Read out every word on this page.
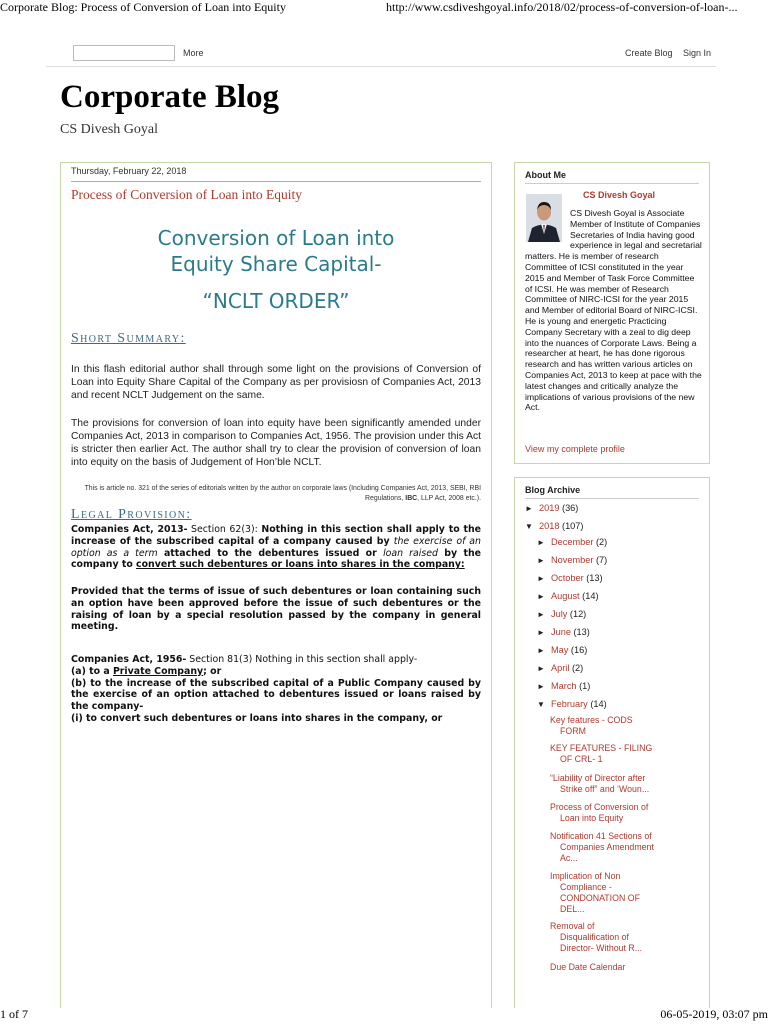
Corporate Blog: Process of Conversion of Loan into Equity	http://www.csdiveshgoyal.info/2018/02/process-of-conversion-of-loan-...
More	Create Blog Sign In
Corporate Blog
CS Divesh Goyal
Thursday, February 22, 2018
Process of Conversion of Loan into Equity
Conversion of Loan into
Equity Share Capital-
“NCLT ORDER”
Short Summary:
In this flash editorial author shall through some light on the provisions of Conversion of Loan into Equity Share Capital of the Company as per provisiosn of Companies Act, 2013 and recent NCLT Judgement on the same.
The provisions for conversion of loan into equity have been significantly amended under Companies Act, 2013 in comparison to Companies Act, 1956. The provision under this Act is stricter then earlier Act. The author shall try to clear the provision of conversion of loan into equity on the basis of Judgement of Hon’ble NCLT.
This is article no. 321 of the series of editorials written by the author on corporate laws (Including Companies Act, 2013, SEBI, RBI Regulations, IBC, LLP Act, 2008 etc.).
Legal Provision:
Companies Act, 2013- Section 62(3): Nothing in this section shall apply to the increase of the subscribed capital of a company caused by the exercise of an option as a term attached to the debentures issued or loan raised by the company to convert such debentures or loans into shares in the company:
Provided that the terms of issue of such debentures or loan containing such an option have been approved before the issue of such debentures or the raising of loan by a special resolution passed by the company in general meeting.
Companies Act, 1956- Section 81(3) Nothing in this section shall apply-
(a) to a Private Company; or
(b) to the increase of the subscribed capital of a Public Company caused by the exercise of an option attached to debentures issued or loans raised by the company-
(i) to convert such debentures or loans into shares in the company, or
About Me
CS Divesh Goyal
CS Divesh Goyal is Associate Member of Institute of Companies Secretaries of India having good experience in legal and secretarial matters. He is member of research Committee of ICSI constituted in the year 2015 and Member of Task Force Committee of ICSI. He was member of Research Committee of NIRC-ICSI for the year 2015 and Member of editorial Board of NIRC-ICSI. He is young and energetic Practicing Company Secretary with a zeal to dig deep into the nuances of Corporate Laws. Being a researcher at heart, he has done rigorous research and has written various articles on Companies Act, 2013 to keep at pace with the latest changes and critically analyze the implications of various provisions of the new Act.
View my complete profile
Blog Archive
► 2019 (36)
▼ 2018 (107)
► December (2)
► November (7)
► October (13)
► August (14)
► July (12)
► June (13)
► May (16)
► April (2)
► March (1)
▼ February (14)
Key features - CODS
FORM
KEY FEATURES - FILING
OF CRL- 1
“Liability of Director after
Strike off” and ‘Woun...
Process of Conversion of
Loan into Equity
Notification 41 Sections of
Companies Amendment
Ac...
Implication of Non
Compliance -
CONDONATION OF
DEL...
Removal of
Disqualification of
Director- Without R...
Due Date Calendar
1 of 7	06-05-2019, 03:07 pm
